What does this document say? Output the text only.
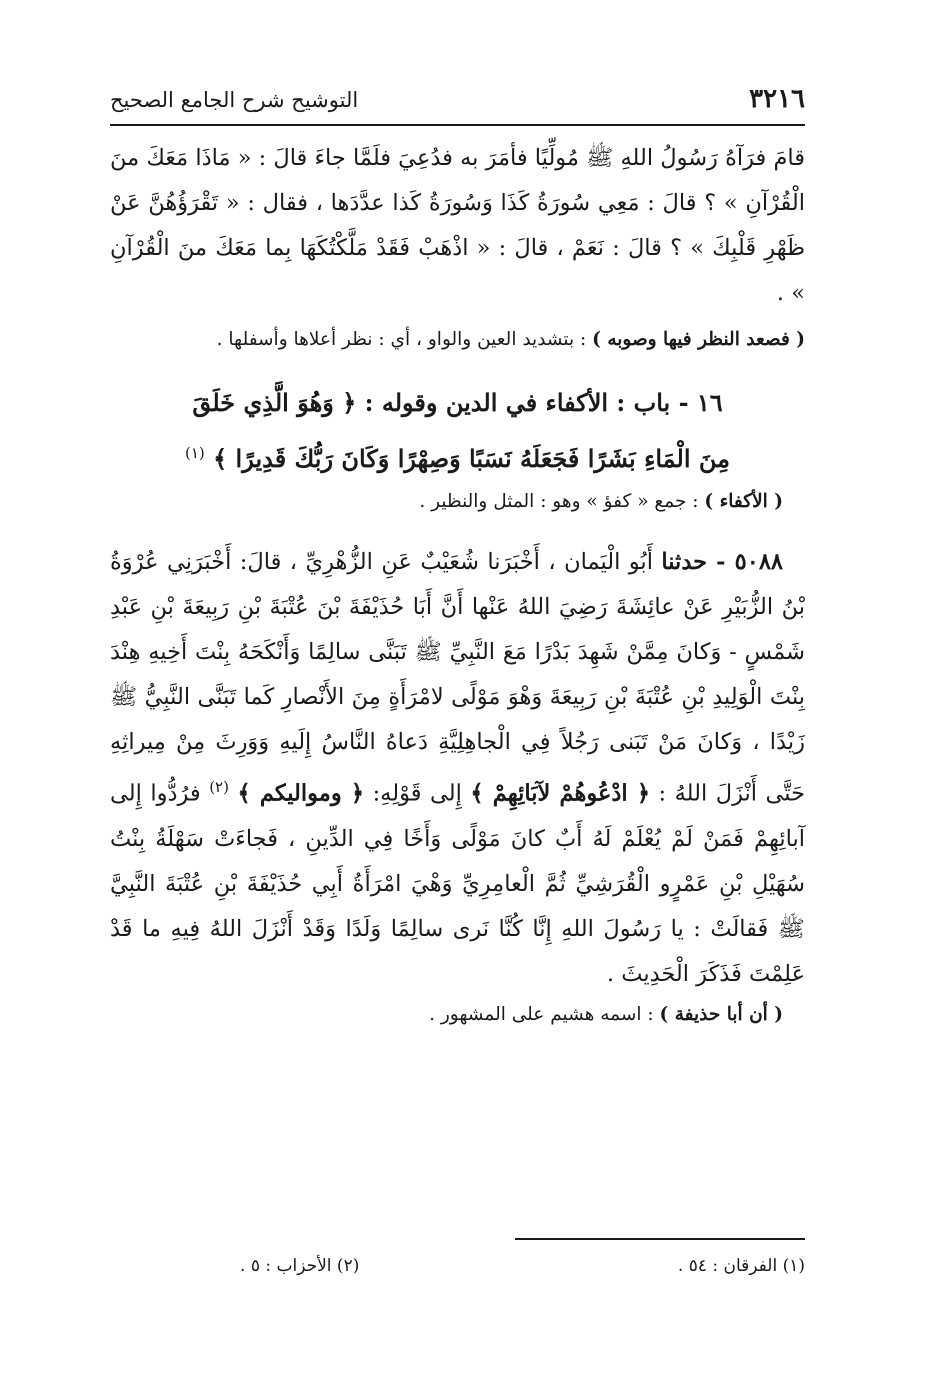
٣٢١٦
التوشيح شرح الجامع الصحيح

قامَ فرَآهُ رَسُولُ اللهِ ﷺ مُولِّيًا فأمَرَ به فدُعِيَ فلَمَّا جاءَ قالَ : « مَاذَا مَعَكَ منَ الْقُرْآنِ » ؟ قالَ : مَعِي سُورَةُ كَذَا وَسُورَةُ كَذا عدَّدَها ، فقال : « تَقْرَؤُهُنَّ عَنْ ظَهْرِ قَلْبِكَ » ؟ قالَ : نَعَمْ ، قالَ : « اذْهَبْ فَقَدْ مَلَّكْتُكَهَا بِما مَعَكَ منَ الْقُرْآنِ » .

( فصعد النظر فيها وصوبه ) : بتشديد العين والواو ، أي : نظر أعلاها وأسفلها .

١٦ - باب : الأكفاء في الدين وقوله : ﴿ وَهُوَ الَّذِي خَلَقَ

مِنَ الْمَاءِ بَشَرًا فَجَعَلَهُ نَسَبًا وَصِهْرًا وَكَانَ رَبُّكَ قَدِيرًا ﴾ $^{(١)}$

( الأكفاء ) : جمع « كفؤ » وهو : المثل والنظير .

٥٠٨٨ - حدثنا أَبُو الْيَمان ، أَخْبَرَنا شُعَيْبٌ عَنِ الزُّهْرِيِّ ، قالَ: أَخْبَرَنِي عُرْوَةُ بْنُ الزُّبَيْرِ عَنْ عائِشَةَ رَضِيَ اللهُ عَنْها أَنَّ أَبَا حُذَيْفَةَ بْنَ عُتْبَةَ بْنِ رَبِيعَةَ بْنِ عَبْدِ شَمْسٍ - وَكانَ مِمَّنْ شَهِدَ بَدْرًا مَعَ النَّبِيِّ ﷺ تَبَنَّى سالِمًا وَأَنْكَحَهُ بِنْتَ أَخِيهِ هِنْدَ بِنْتَ الْوَلِيدِ بْنِ عُتْبَةَ بْنِ رَبِيعَةَ وَهْوَ مَوْلًى لامْرَأَةٍ مِنَ الأَنْصارِ كَما تَبَنَّى النَّبِيُّ ﷺ زَيْدًا ، وَكانَ مَنْ تَبَنى رَجُلاً فِي الْجاهِلِيَّةِ دَعاهُ النَّاسُ إِلَيهِ وَوَرِثَ مِنْ مِيراثِهِ حَتَّى أَنْزَلَ اللهُ : ﴿ ادْعُوهُمْ لآبَائِهِمْ ﴾ إِلى قَوْلِهِ: ﴿ ومواليكم ﴾ $^{(٢)}$ فرُدُّوا إِلى آبائِهِمْ فَمَنْ لَمْ يُعْلَمْ لَهُ أَبٌ كانَ مَوْلًى وَأَخًا فِي الدِّينِ ، فَجاءَتْ سَهْلَةُ بِنْتُ سُهَيْلِ بْنِ عَمْرٍو الْقُرَشِيِّ ثُمَّ الْعامِرِيِّ وَهْيَ امْرَأَةُ أَبِي حُذَيْفَةَ بْنِ عُتْبَةَ النَّبِيَّ ﷺ فَقالَتْ : يا رَسُولَ اللهِ إِنَّا كُنَّا نَرى سالِمًا وَلَدًا وَقَدْ أَنْزَلَ اللهُ فِيهِ ما قَدْ عَلِمْتَ فَذَكَرَ الْحَدِيثَ .

( أن أبا حذيفة ) : اسمه هشيم على المشهور .

(١) الفرقان : ٥٤ .
(٢) الأحزاب : ٥ .
